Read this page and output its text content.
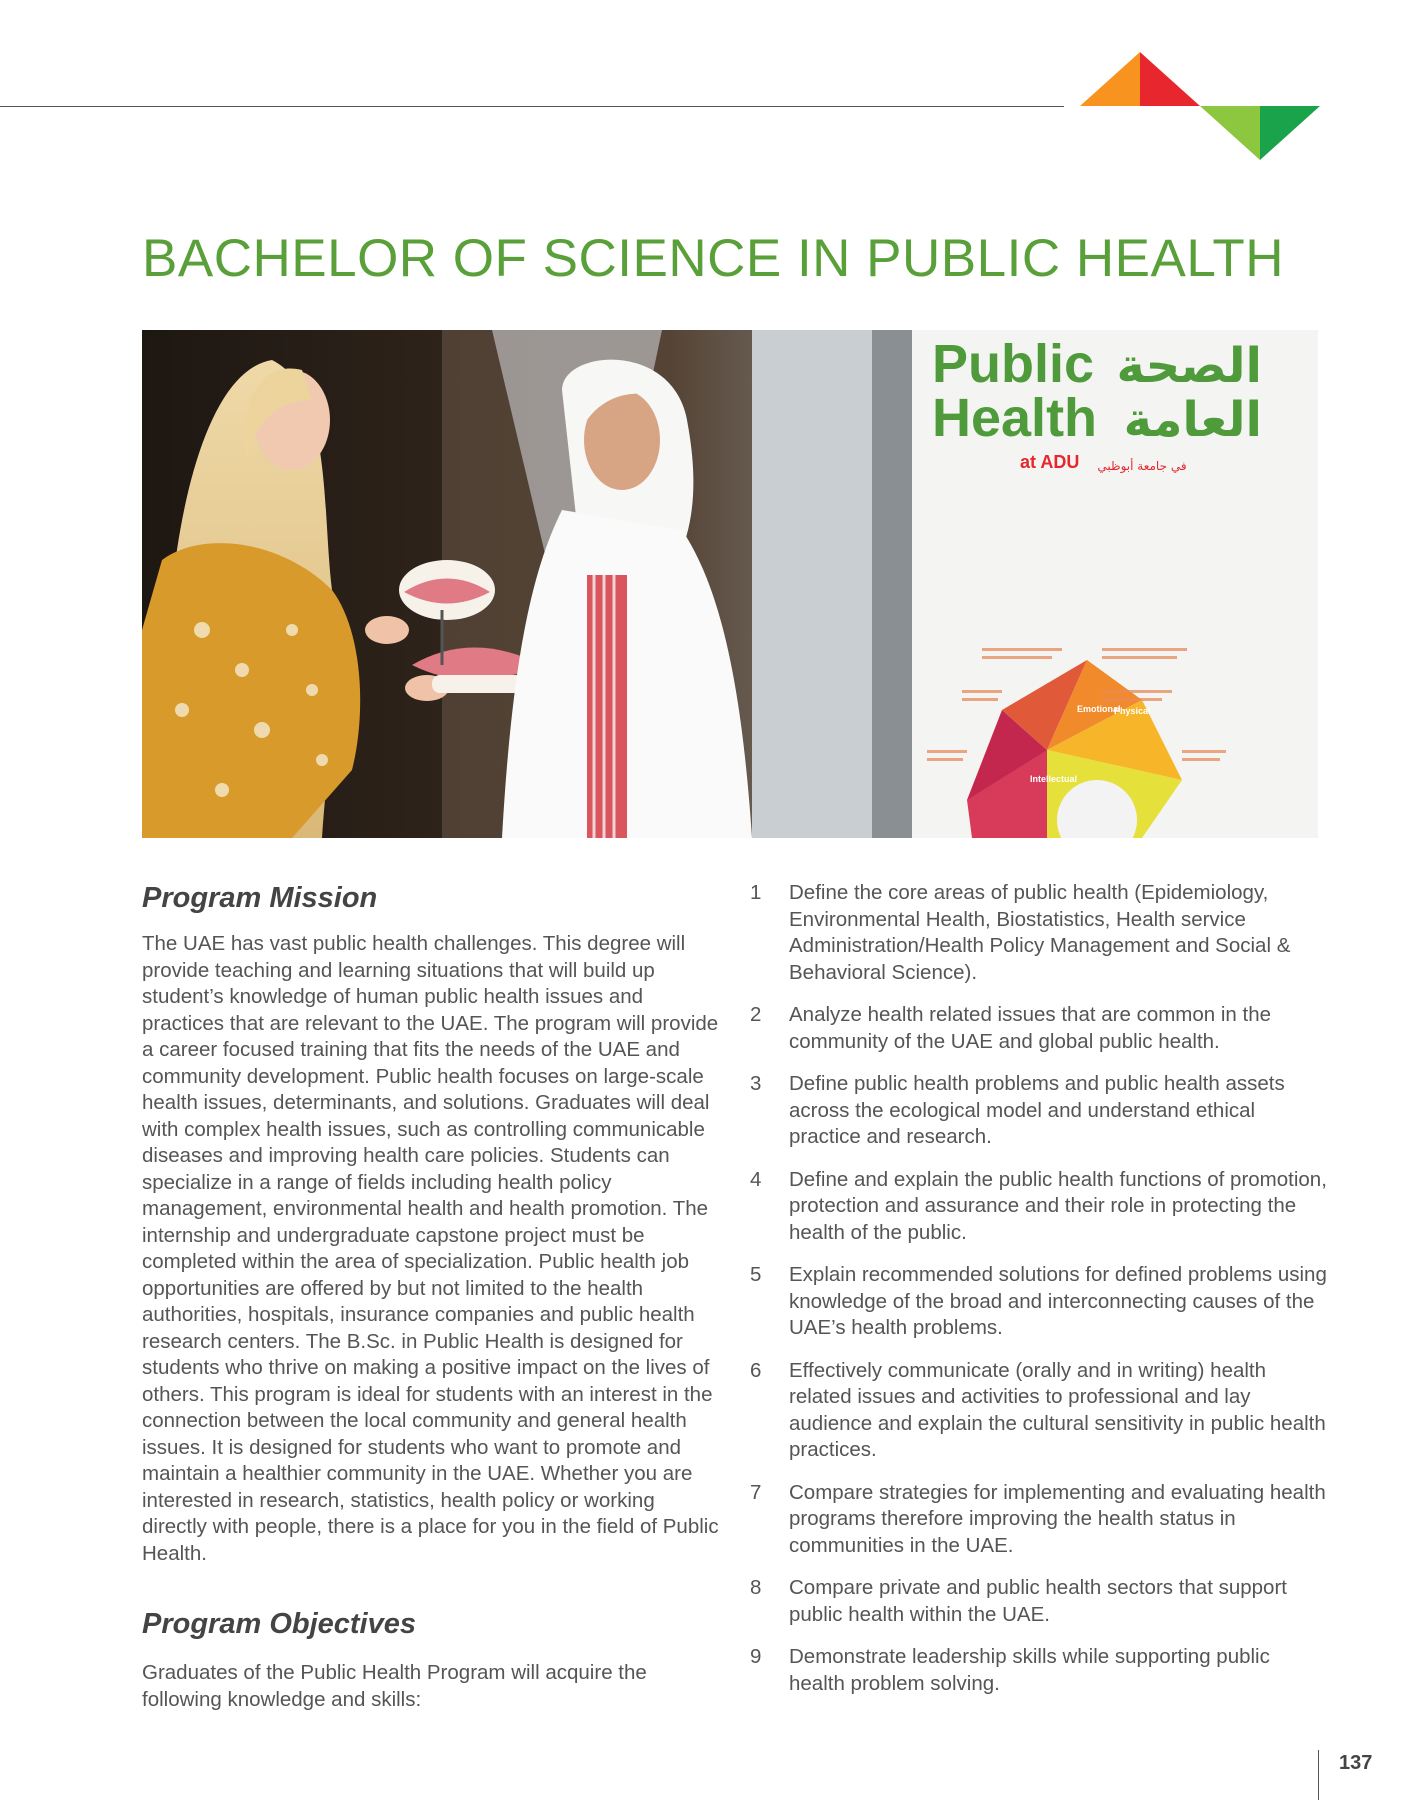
BACHELOR OF SCIENCE IN PUBLIC HEALTH
Public
Health
at ADU
الصحة
العامة
في جامعة أبوظبي
Emotional
Physical
Intellectual
Program Mission
The UAE has vast public health challenges. This degree will provide teaching and learning situations that will build up student’s knowledge of human public health issues and practices that are relevant to the UAE. The program will provide a career focused training that fits the needs of the UAE and community development. Public health focuses on large-scale health issues, determinants, and solutions. Graduates will deal with complex health issues, such as controlling communicable diseases and improving health care policies. Students can specialize in a range of fields including health policy management, environmental health and health promotion. The internship and undergraduate capstone project must be completed within the area of specialization. Public health job opportunities are offered by but not limited to the health authorities, hospitals, insurance companies and public health research centers. The B.Sc. in Public Health is designed for students who thrive on making a positive impact on the lives of others. This program is ideal for students with an interest in the connection between the local community and general health issues. It is designed for students who want to promote and maintain a healthier community in the UAE. Whether you are interested in research, statistics, health policy or working directly with people, there is a place for you in the field of Public Health.
Program Objectives
Graduates of the Public Health Program will acquire the following knowledge and skills:
1 Define the core areas of public health (Epidemiology, Environmental Health, Biostatistics, Health service Administration/Health Policy Management and Social & Behavioral Science).
2 Analyze health related issues that are common in the community of the UAE and global public health.
3 Define public health problems and public health assets across the ecological model and understand ethical practice and research.
4 Define and explain the public health functions of promotion, protection and assurance and their role in protecting the health of the public.
5 Explain recommended solutions for defined problems using knowledge of the broad and interconnecting causes of the UAE’s health problems.
6 Effectively communicate (orally and in writing) health related issues and activities to professional and lay audience and explain the cultural sensitivity in public health practices.
7 Compare strategies for implementing and evaluating health programs therefore improving the health status in communities in the UAE.
8 Compare private and public health sectors that support public health within the UAE.
9 Demonstrate leadership skills while supporting public health problem solving.
137
